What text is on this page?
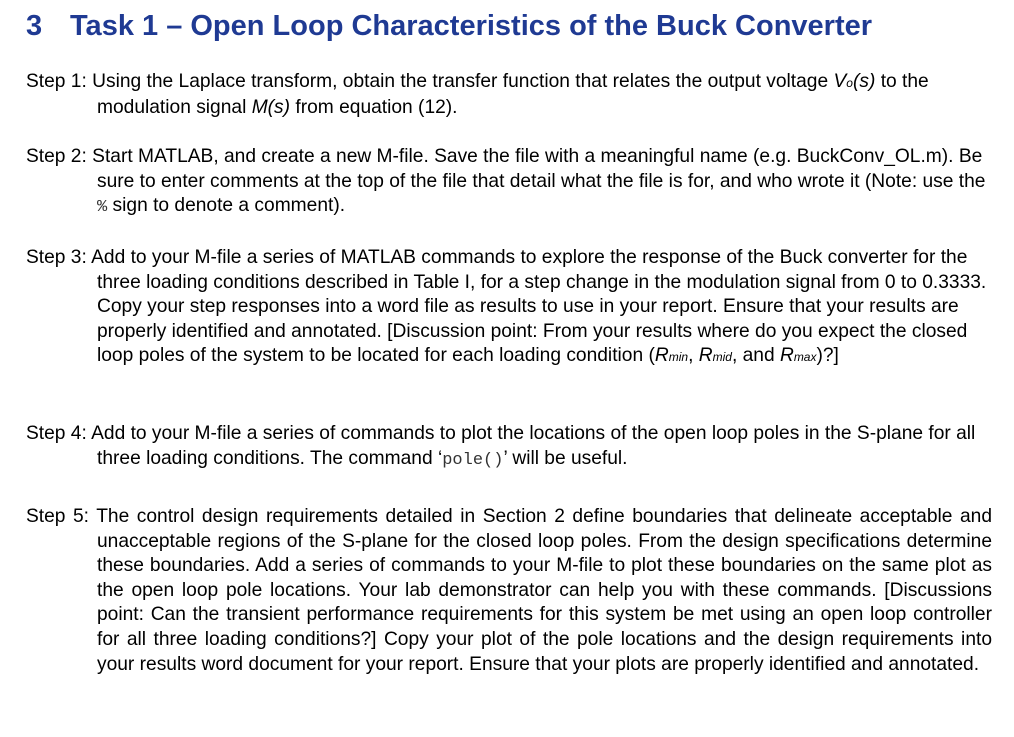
3 Task 1 – Open Loop Characteristics of the Buck Converter

Step 1: Using the Laplace transform, obtain the transfer function that relates the output voltage Vo(s) to the modulation signal M(s) from equation (12).

Step 2: Start MATLAB, and create a new M-file. Save the file with a meaningful name (e.g. BuckConv_OL.m). Be sure to enter comments at the top of the file that detail what the file is for, and who wrote it (Note: use the % sign to denote a comment).

Step 3: Add to your M-file a series of MATLAB commands to explore the response of the Buck converter for the three loading conditions described in Table I, for a step change in the modulation signal from 0 to 0.3333. Copy your step responses into a word file as results to use in your report. Ensure that your results are properly identified and annotated. [Discussion point: From your results where do you expect the closed loop poles of the system to be located for each loading condition (Rmin, Rmid, and Rmax)?]

Step 4: Add to your M-file a series of commands to plot the locations of the open loop poles in the S-plane for all three loading conditions. The command ‘pole()’ will be useful.

Step 5: The control design requirements detailed in Section 2 define boundaries that delineate acceptable and unacceptable regions of the S-plane for the closed loop poles. From the design specifications determine these boundaries. Add a series of commands to your M-file to plot these boundaries on the same plot as the open loop pole locations. Your lab demonstrator can help you with these commands. [Discussions point: Can the transient performance requirements for this system be met using an open loop controller for all three loading conditions?] Copy your plot of the pole locations and the design requirements into your results word document for your report. Ensure that your plots are properly identified and annotated.
